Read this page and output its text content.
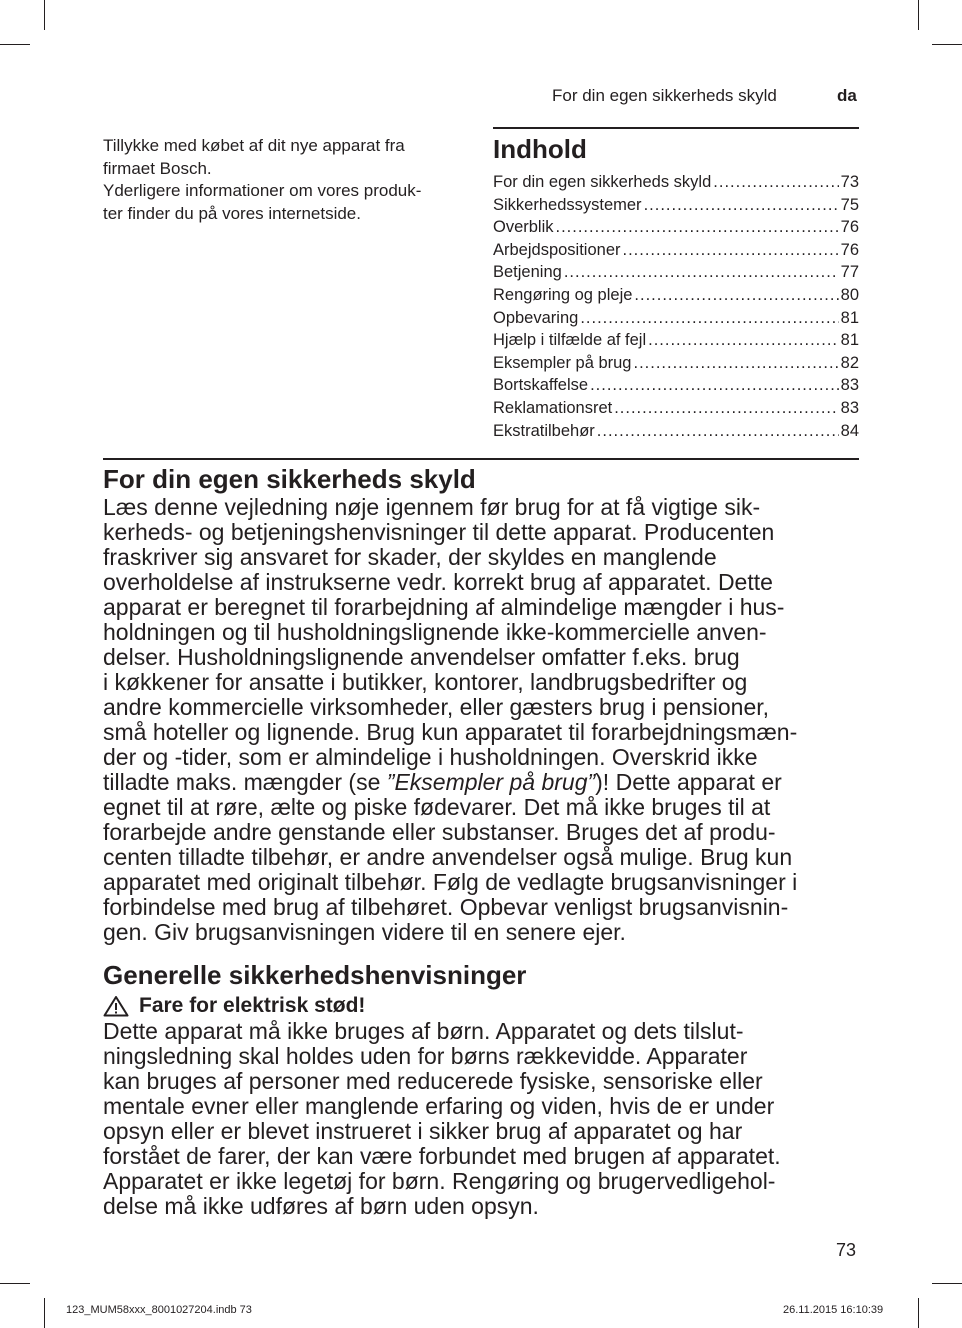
For din egen sikkerheds skyld	da

Tillykke med købet af dit nye apparat fra

firmaet Bosch.

Yderligere informationer om vores produk-

ter finder du på vores internetside.

Indhold
For din egen sikkerheds skyld .....	73
Sikkerhedssystemer .....	75
Overblik .....	76
Arbejdspositioner .....	76
Betjening .....	77
Rengøring og pleje .....	80
Opbevaring .....	81
Hjælp i tilfælde af fejl .....	81
Eksempler på brug .....	82
Bortskaffelse .....	83
Reklamationsret .....	83
Ekstratilbehør .....	84
For din egen sikkerheds skyld

Læs denne vejledning nøje igennem før brug for at få vigtige sik-
kerheds- og betjeningshenvisninger til dette apparat. Producenten
fraskriver sig ansvaret for skader, der skyldes en manglende
overholdelse af instrukserne vedr. korrekt brug af apparatet. Dette
apparat er beregnet til forarbejdning af almindelige mængder i hus-
holdningen og til husholdningslignende ikke-kommercielle anven-
delser. Husholdningslignende anvendelser omfatter f.eks. brug
i køkkener for ansatte i butikker, kontorer, landbrugsbedrifter og
andre kommercielle virksomheder, eller gæsters brug i pensioner,
små hoteller og lignende. Brug kun apparatet til forarbejdningsmæn-
der og -tider, som er almindelige i husholdningen. Overskrid ikke
tilladte maks. mængder (se ”Eksempler på brug”)! Dette apparat er
egnet til at røre, ælte og piske fødevarer. Det må ikke bruges til at
forarbejde andre genstande eller substanser. Bruges det af produ-
centen tilladte tilbehør, er andre anvendelser også mulige. Brug kun
apparatet med originalt tilbehør. Følg de vedlagte brugsanvisninger i
forbindelse med brug af tilbehøret. Opbevar venligst brugsanvisnin-
gen. Giv brugsanvisningen videre til en senere ejer.

Generelle sikkerhedshenvisninger
Fare for elektrisk stød!

Dette apparat må ikke bruges af børn. Apparatet og dets tilslut-
ningsledning skal holdes uden for børns rækkevidde. Apparater
kan bruges af personer med reducerede fysiske, sensoriske eller
mentale evner eller manglende erfaring og viden, hvis de er under
opsyn eller er blevet instrueret i sikker brug af apparatet og har
forstået de farer, der kan være forbundet med brugen af apparatet.
Apparatet er ikke legetøj for børn. Rengøring og brugervedligehol-
delse må ikke udføres af børn uden opsyn.

73
123_MUM58xxx_8001027204.indb 73	26.11.2015 16:10:39
